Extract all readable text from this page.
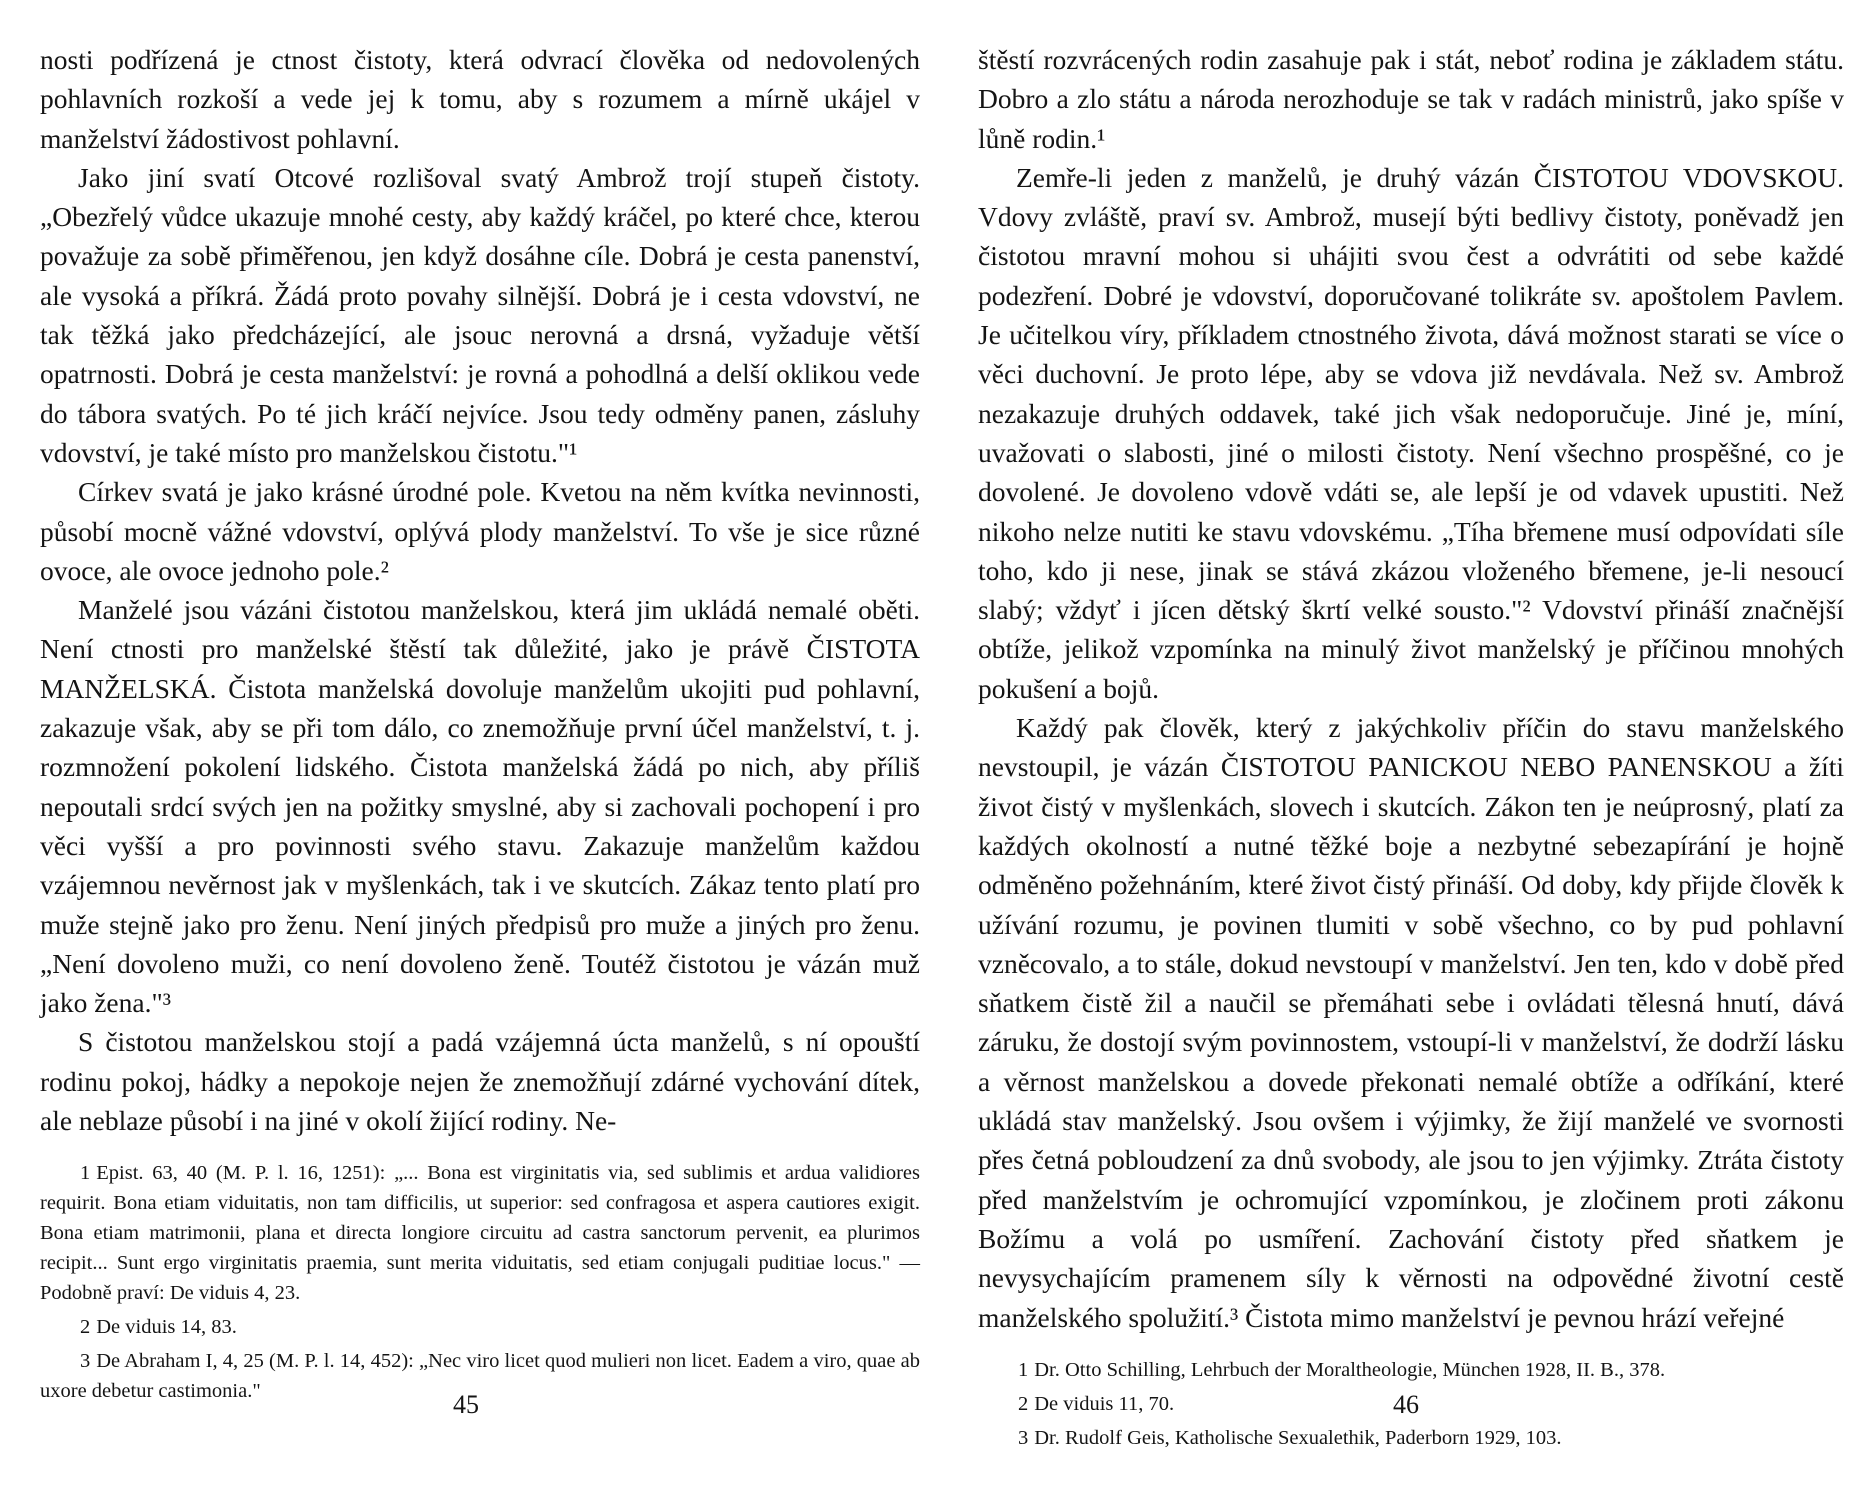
nosti podřízená je ctnost čistoty, která odvrací člověka od nedovolených pohlavních rozkoší a vede jej k tomu, aby s rozumem a mírně ukájel v manželství žádostivost pohlavní.

Jako jiní svatí Otcové rozlišoval svatý Ambrož trojí stupeň čistoty. „Obezřelý vůdce ukazuje mnohé cesty, aby každý kráčel, po které chce, kterou považuje za sobě přiměřenou, jen když dosáhne cíle. Dobrá je cesta panenství, ale vysoká a příkrá. Žádá proto povahy silnější. Dobrá je i cesta vdovství, ne tak těžká jako předcházející, ale jsouc nerovná a drsná, vyžaduje větší opatrnosti. Dobrá je cesta manželství: je rovná a pohodlná a delší oklikou vede do tábora svatých. Po té jich kráčí nejvíce. Jsou tedy odměny panen, zásluhy vdovství, je také místo pro manželskou čistotu."¹

Církev svatá je jako krásné úrodné pole. Kvetou na něm kvítka nevinnosti, působí mocně vážné vdovství, oplývá plody manželství. To vše je sice různé ovoce, ale ovoce jednoho pole.²

Manželé jsou vázáni čistotou manželskou, která jim ukládá nemalé oběti. Není ctnosti pro manželské štěstí tak důležité, jako je právě ČISTOTA MANŽELSKÁ. Čistota manželská dovoluje manželům ukojiti pud pohlavní, zakazuje však, aby se při tom dálo, co znemožňuje první účel manželství, t. j. rozmnožení pokolení lidského. Čistota manželská žádá po nich, aby příliš nepoutali srdcí svých jen na požitky smyslné, aby si zachovali pochopení i pro věci vyšší a pro povinnosti svého stavu. Zakazuje manželům každou vzájemnou nevěrnost jak v myšlenkách, tak i ve skutcích. Zákaz tento platí pro muže stejně jako pro ženu. Není jiných předpisů pro muže a jiných pro ženu. „Není dovoleno muži, co není dovoleno ženě. Toutéž čistotou je vázán muž jako žena."³

S čistotou manželskou stojí a padá vzájemná úcta manželů, s ní opouští rodinu pokoj, hádky a nepokoje nejen že znemožňují zdárné vychování dítek, ale neblaze působí i na jiné v okolí žijící rodiny. Ne-

1 Epist. 63, 40 (M. P. l. 16, 1251): „... Bona est virginitatis via, sed sublimis et ardua validiores requirit. Bona etiam viduitatis, non tam difficilis, ut superior: sed confragosa et aspera cautiores exigit. Bona etiam matrimonii, plana et directa longiore circuitu ad castra sanctorum pervenit, ea plurimos recipit... Sunt ergo virginitatis praemia, sunt merita viduitatis, sed etiam conjugali puditiae locus." — Podobně praví: De viduis 4, 23.

2 De viduis 14, 83.

3 De Abraham I, 4, 25 (M. P. l. 14, 452): „Nec viro licet quod mulieri non licet. Eadem a viro, quae ab uxore debetur castimonia."	45

štěstí rozvrácených rodin zasahuje pak i stát, neboť rodina je základem státu. Dobro a zlo státu a národa nerozhoduje se tak v radách ministrů, jako spíše v lůně rodin.¹

Zemře-li jeden z manželů, je druhý vázán ČISTOTOU VDOVSKOU. Vdovy zvláště, praví sv. Ambrož, musejí býti bedlivy čistoty, poněvadž jen čistotou mravní mohou si uhájiti svou čest a odvrátiti od sebe každé podezření. Dobré je vdovství, doporučované tolikráte sv. apoštolem Pavlem. Je učitelkou víry, příkladem ctnostného života, dává možnost starati se více o věci duchovní. Je proto lépe, aby se vdova již nevdávala. Než sv. Ambrož nezakazuje druhých oddavek, také jich však nedoporučuje. Jiné je, míní, uvažovati o slabosti, jiné o milosti čistoty. Není všechno prospěšné, co je dovolené. Je dovoleno vdově vdáti se, ale lepší je od vdavek upustiti. Než nikoho nelze nutiti ke stavu vdovskému. „Tíha břemene musí odpovídati síle toho, kdo ji nese, jinak se stává zkázou vloženého břemene, je-li nesoucí slabý; vždyť i jícen dětský škrtí velké sousto."² Vdovství přináší značnější obtíže, jelikož vzpomínka na minulý život manželský je příčinou mnohých pokušení a bojů.

Každý pak člověk, který z jakýchkoliv příčin do stavu manželského nevstoupil, je vázán ČISTOTOU PANICKOU NEBO PANENSKOU a žíti život čistý v myšlenkách, slovech i skutcích. Zákon ten je neúprosný, platí za každých okolností a nutné těžké boje a nezbytné sebezapírání je hojně odměněno požehnáním, které život čistý přináší. Od doby, kdy přijde člověk k užívání rozumu, je povinen tlumiti v sobě všechno, co by pud pohlavní vzněcovalo, a to stále, dokud nevstoupí v manželství. Jen ten, kdo v době před sňatkem čistě žil a naučil se přemáhati sebe i ovládati tělesná hnutí, dává záruku, že dostojí svým povinnostem, vstoupí-li v manželství, že dodrží lásku a věrnost manželskou a dovede překonati nemalé obtíže a odříkání, které ukládá stav manželský. Jsou ovšem i výjimky, že žijí manželé ve svornosti přes četná pobloudzení za dnů svobody, ale jsou to jen výjimky. Ztráta čistoty před manželstvím je ochromující vzpomínkou, je zločinem proti zákonu Božímu a volá po usmíření. Zachování čistoty před sňatkem je nevysychajícím pramenem síly k věrnosti na odpovědné životní cestě manželského spolužití.³ Čistota mimo manželství je pevnou hrází veřejné

1 Dr. Otto Schilling, Lehrbuch der Moraltheologie, München 1928, II. B., 378.

2 De viduis 11, 70.

3 Dr. Rudolf Geis, Katholische Sexualethik, Paderborn 1929, 103.

46
